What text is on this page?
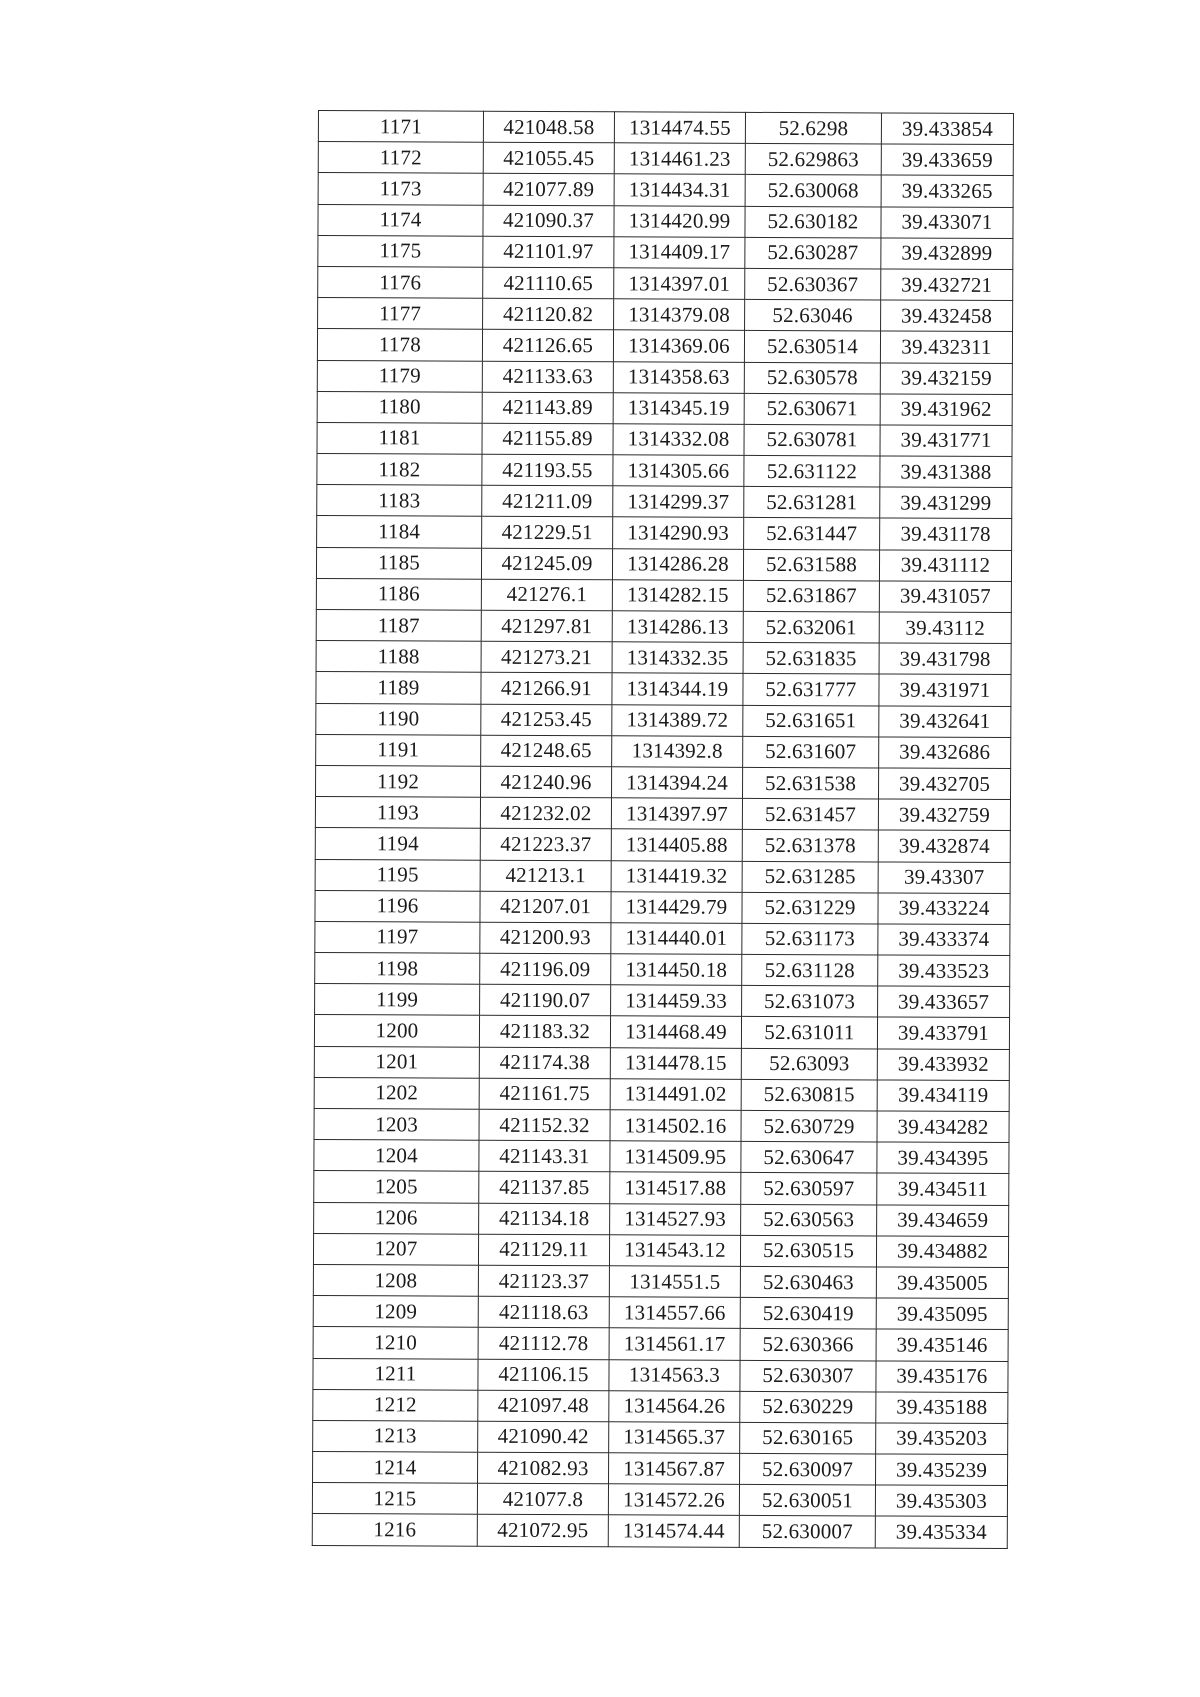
1171	421048.58	1314474.55	52.6298	39.433854
1172	421055.45	1314461.23	52.629863	39.433659
1173	421077.89	1314434.31	52.630068	39.433265
1174	421090.37	1314420.99	52.630182	39.433071
1175	421101.97	1314409.17	52.630287	39.432899
1176	421110.65	1314397.01	52.630367	39.432721
1177	421120.82	1314379.08	52.63046	39.432458
1178	421126.65	1314369.06	52.630514	39.432311
1179	421133.63	1314358.63	52.630578	39.432159
1180	421143.89	1314345.19	52.630671	39.431962
1181	421155.89	1314332.08	52.630781	39.431771
1182	421193.55	1314305.66	52.631122	39.431388
1183	421211.09	1314299.37	52.631281	39.431299
1184	421229.51	1314290.93	52.631447	39.431178
1185	421245.09	1314286.28	52.631588	39.431112
1186	421276.1	1314282.15	52.631867	39.431057
1187	421297.81	1314286.13	52.632061	39.43112
1188	421273.21	1314332.35	52.631835	39.431798
1189	421266.91	1314344.19	52.631777	39.431971
1190	421253.45	1314389.72	52.631651	39.432641
1191	421248.65	1314392.8	52.631607	39.432686
1192	421240.96	1314394.24	52.631538	39.432705
1193	421232.02	1314397.97	52.631457	39.432759
1194	421223.37	1314405.88	52.631378	39.432874
1195	421213.1	1314419.32	52.631285	39.43307
1196	421207.01	1314429.79	52.631229	39.433224
1197	421200.93	1314440.01	52.631173	39.433374
1198	421196.09	1314450.18	52.631128	39.433523
1199	421190.07	1314459.33	52.631073	39.433657
1200	421183.32	1314468.49	52.631011	39.433791
1201	421174.38	1314478.15	52.63093	39.433932
1202	421161.75	1314491.02	52.630815	39.434119
1203	421152.32	1314502.16	52.630729	39.434282
1204	421143.31	1314509.95	52.630647	39.434395
1205	421137.85	1314517.88	52.630597	39.434511
1206	421134.18	1314527.93	52.630563	39.434659
1207	421129.11	1314543.12	52.630515	39.434882
1208	421123.37	1314551.5	52.630463	39.435005
1209	421118.63	1314557.66	52.630419	39.435095
1210	421112.78	1314561.17	52.630366	39.435146
1211	421106.15	1314563.3	52.630307	39.435176
1212	421097.48	1314564.26	52.630229	39.435188
1213	421090.42	1314565.37	52.630165	39.435203
1214	421082.93	1314567.87	52.630097	39.435239
1215	421077.8	1314572.26	52.630051	39.435303
1216	421072.95	1314574.44	52.630007	39.435334
